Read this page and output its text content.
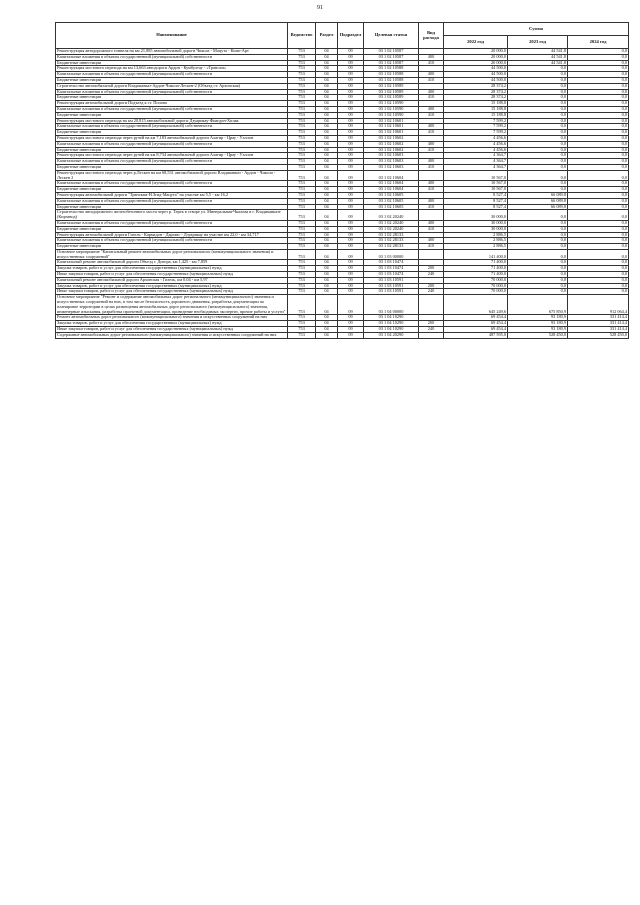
91
Наименование	Ведомство	Раздел	Подраздел	Целевая статья	Вид расхода	Сумма		
						2022 год	2023 год	2024 год
Реконструкция автодорожного тоннеля на км 21,885 автомобильной дороги Чикола - Мацута - Комп-Арт	753	04	09	03 1 02 10587		20 000,0	44 541,8	0,0
Капитальные вложения в объекты государственной (муниципальной) собственности	753	04	09	03 1 02 10587	400	20 000,0	44 541,8	0,0
Бюджетные инвестиции	753	04	09	03 1 02 10587	410	20 000,0	44 541,8	0,0
Реконструкция мостового перехода на км 13,663 автодороги Ардон - Кумбултау - «Трансам»	753	04	09	03 1 02 10588		44 500,0	0,0	0,0
Капитальные вложения в объекты государственной (муниципальной) собственности	753	04	09	03 1 02 10588	400	44 500,0	0,0	0,0
Бюджетные инвестиции	753	04	09	03 1 02 10588	410	44 500,0	0,0	0,0
Строительство автомобильной дороги Владикавказ-Ардон-Чикола-Лескен-2 (Объезд ст. Архонская)	753	04	09	03 1 02 10589		28 374,2	0,0	0,0
Капитальные вложения в объекты государственной (муниципальной) собственности	753	04	09	03 1 02 10589	400	28 374,2	0,0	0,0
Бюджетные инвестиции	753	04	09	03 1 02 10589	410	28 374,2	0,0	0,0
Реконструкция автомобильной дороги Подъезд к ст. Попова	753	04	09	03 1 02 10590		15 188,8	0,0	0,0
Капитальные вложения в объекты государственной (муниципальной) собственности	753	04	09	03 1 02 10590	400	15 188,8	0,0	0,0
Бюджетные инвестиции	753	04	09	03 1 02 10590	410	15 188,8	0,0	0,0
Реконструкция мостового перехода на км 20,815 автомобильной дороги Дзуарикау-Фиагдон-Хилак	753	04	09	03 1 02 10601		7 599,2	0,0	0,0
Капитальные вложения в объекты государственной (муниципальной) собственности	753	04	09	03 1 02 10601	400	7 599,2	0,0	0,0
Бюджетные инвестиции	753	04	09	03 1 02 10601	410	7 599,2	0,0	0,0
Реконструкция мостового перехода через ручей на км 7,183 автомобильной дороги Алагир - Црау - Уаллон	753	04	09	03 1 02 10602		4 456,6	0,0	0,0
Капитальные вложения в объекты государственной (муниципальной) собственности	753	04	09	03 1 02 10602	400	4 456,6	0,0	0,0
Бюджетные инвестиции	753	04	09	03 1 02 10602	410	4 456,6	0,0	0,0
Реконструкция мостового перехода через ручей на км 8,734 автомобильной дороги Алагир - Црау - Уаллон	753	04	09	03 1 02 10603		4 364,7	0,0	0,0
Капитальные вложения в объекты государственной (муниципальной) собственности	753	04	09	03 1 02 10603	400	4 364,7	0,0	0,0
Бюджетные инвестиции	753	04	09	03 1 02 10603	410	4 364,7	0,0	0,0
Реконструкция мостового перехода через р.Лескен на км 68,531 автомобильной дороги Владикавказ - Ардон - Чикола - Лескен 2	753	04	09	03 1 02 10604		10 567,0	0,0	0,0
Капитальные вложения в объекты государственной (муниципальной) собственности	753	04	09	03 1 02 10604	400	10 567,0	0,0	0,0
Бюджетные инвестиции	753	04	09	03 1 02 10604	410	10 567,0	0,0	0,0
Реконструкция автомобильной дороги "Транскам-Н.Згид-Мацута" на участке км 5,5 - км 16,2	753	04	09	03 1 02 10605		8 527,4	66 089,8	0,0
Капитальные вложения в объекты государственной (муниципальной) собственности	753	04	09	03 1 02 10605	400	8 527,4	66 089,8	0,0
Бюджетные инвестиции	753	04	09	03 1 02 10605	410	8 527,4	66 089,8	0,0
Строительство автодорожного железобетонного моста через р. Терек в створе ул. Минеральная-Чкалова в г. Владикавказе (Кирзавод)	753	04	09	03 1 02 20240		30 000,0	0,0	0,0
Капитальные вложения в объекты государственной (муниципальной) собственности	753	04	09	03 1 02 20240	400	30 000,0	0,0	0,0
Бюджетные инвестиции	753	04	09	03 1 02 20240	410	30 000,0	0,0	0,0
Реконструкция автомобильной дороги Гизель - Кармадон - Даргавс - Дзуарикау на участке км 22,0 - км 34,717	753	04	09	03 1 02 28133		2 886,5	0,0	0,0
Капитальные вложения в объекты государственной (муниципальной) собственности	753	04	09	03 1 02 28133	400	2 886,5	0,0	0,0
Бюджетные инвестиции	753	04	09	03 1 02 28133	410	2 886,5	0,0	0,0
Основное мероприятие "Капитальный ремонт автомобильных дорог регионального (межмуниципального значения) и искусственных сооружений"	753	04	09	03 1 03 00000		141 400,0	0,0	0,0
Капитальный ремонт автомобильной дороги Объезд г. Дигора, км 1,425 - км 7,859	753	04	09	03 1 03 10474		71 400,0	0,0	0,0
Закупка товаров, работ и услуг для обеспечения государственных (муниципальных) нужд	753	04	09	03 1 03 10474	200	71 400,0	0,0	0,0
Иные закупки товаров, работ и услуг для обеспечения государственных (муниципальных) нужд	753	04	09	03 1 03 10474	240	71 400,0	0,0	0,0
Капитальный ремонт автомобильной дороги Архонская - Гизель, км 0,04 - км 5,97	753	04	09	03 1 03 10591		70 000,0	0,0	0,0
Закупка товаров, работ и услуг для обеспечения государственных (муниципальных) нужд	753	04	09	03 1 03 10591	200	70 000,0	0,0	0,0
Иные закупки товаров, работ и услуг для обеспечения государственных (муниципальных) нужд	753	04	09	03 1 03 10591	240	70 000,0	0,0	0,0
Основное мероприятие "Ремонт и содержание автомобильных дорог регионального (межмуниципального) значения и искусственных сооружений на них, в том числе безопасность дорожного движения, разработка документации по планировке территории в целях размещения автомобильных дорог регионального (межмуниципального) значения, инженерные изыскания, разработка проектной документации, проведение необходимых экспертиз, прочие работы и услуги"	753	04	09	03 1 04 00000		645 249,6	675 850,9	912 064,4
Ремонт автомобильных дорог регионального (межмуниципального) значения и искусственных сооружений на них	753	04	09	03 1 04 10290		69 454,4	93 180,9	331 414,4
Закупка товаров, работ и услуг для обеспечения государственных (муниципальных) нужд	753	04	09	03 1 04 10290	200	69 454,4	93 180,9	331 414,4
Иные закупки товаров, работ и услуг для обеспечения государственных (муниципальных) нужд	753	04	09	03 1 04 10290	240	69 454,4	93 180,9	331 414,4
Содержание автомобильных дорог регионального (межмуниципального) значения и искусственных сооружений на них	753	04	09	03 1 04 20290		487 595,0	528 450,0	528 450,0
